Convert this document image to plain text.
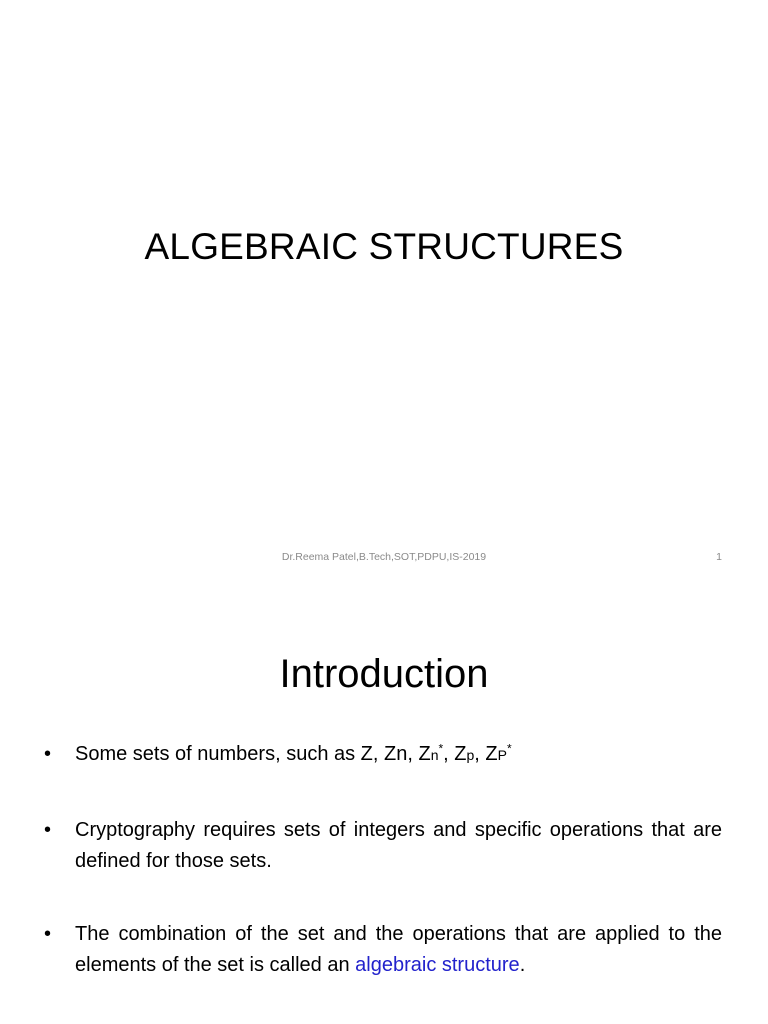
ALGEBRAIC STRUCTURES
Dr.Reema Patel,B.Tech,SOT,PDPU,IS-2019	1
Introduction
• Some sets of numbers, such as Z, Zn, Zn*, Zp, ZP*
• Cryptography requires sets of integers and specific operations that are defined for those sets.
• The combination of the set and the operations that are applied to the elements of the set is called an algebraic structure.
